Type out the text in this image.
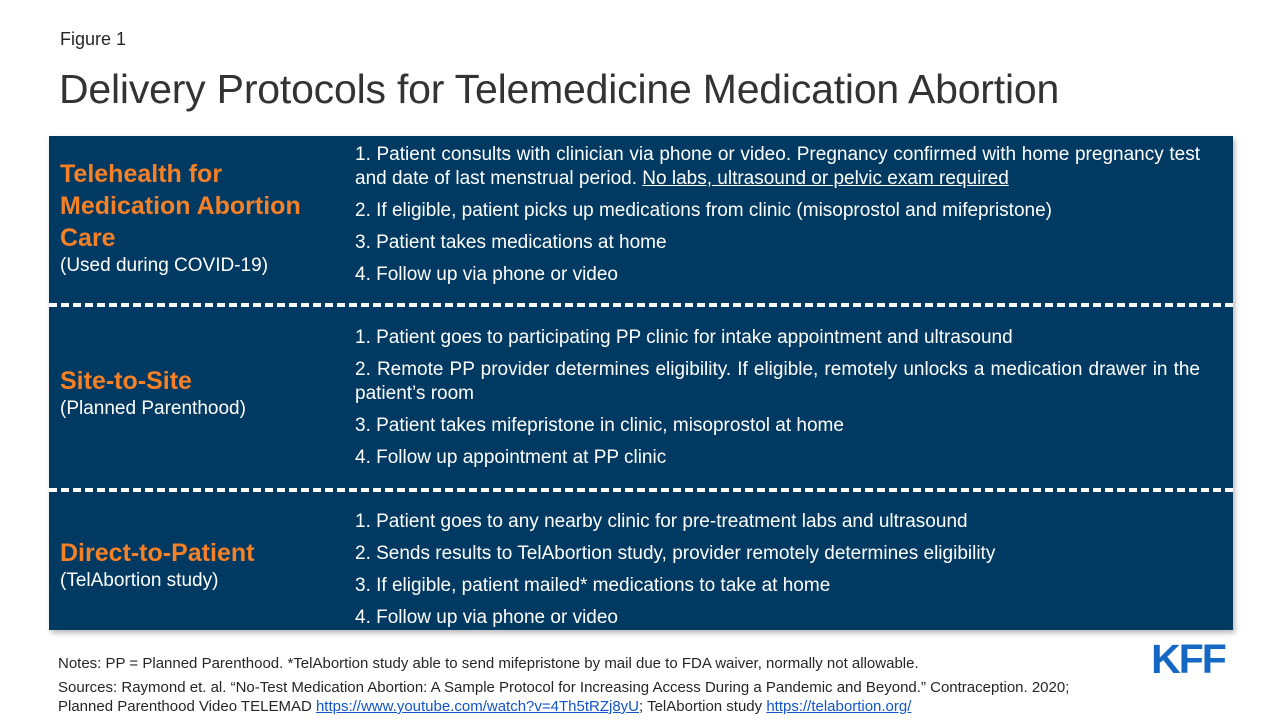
Figure 1
Delivery Protocols for Telemedicine Medication Abortion
Telehealth for
Medication Abortion
Care
(Used during COVID-19)
1. Patient consults with clinician via phone or video. Pregnancy confirmed with home pregnancy test and date of last menstrual period. No labs, ultrasound or pelvic exam required
2. If eligible, patient picks up medications from clinic (misoprostol and mifepristone)
3. Patient takes medications at home
4. Follow up via phone or video
Site-to-Site
(Planned Parenthood)
1. Patient goes to participating PP clinic for intake appointment and ultrasound
2. Remote PP provider determines eligibility. If eligible, remotely unlocks a medication drawer in the patient’s room
3. Patient takes mifepristone in clinic, misoprostol at home
4. Follow up appointment at PP clinic
Direct-to-Patient
(TelAbortion study)
1. Patient goes to any nearby clinic for pre-treatment labs and ultrasound
2. Sends results to TelAbortion study, provider remotely determines eligibility
3. If eligible, patient mailed* medications to take at home
4. Follow up via phone or video
Notes: PP = Planned Parenthood. *TelAbortion study able to send mifepristone by mail due to FDA waiver, normally not allowable.
Sources: Raymond et. al. “No-Test Medication Abortion: A Sample Protocol for Increasing Access During a Pandemic and Beyond.” Contraception. 2020; Planned Parenthood Video TELEMAD https://www.youtube.com/watch?v=4Th5tRZj8yU; TelAbortion study https://telabortion.org/
KFF
